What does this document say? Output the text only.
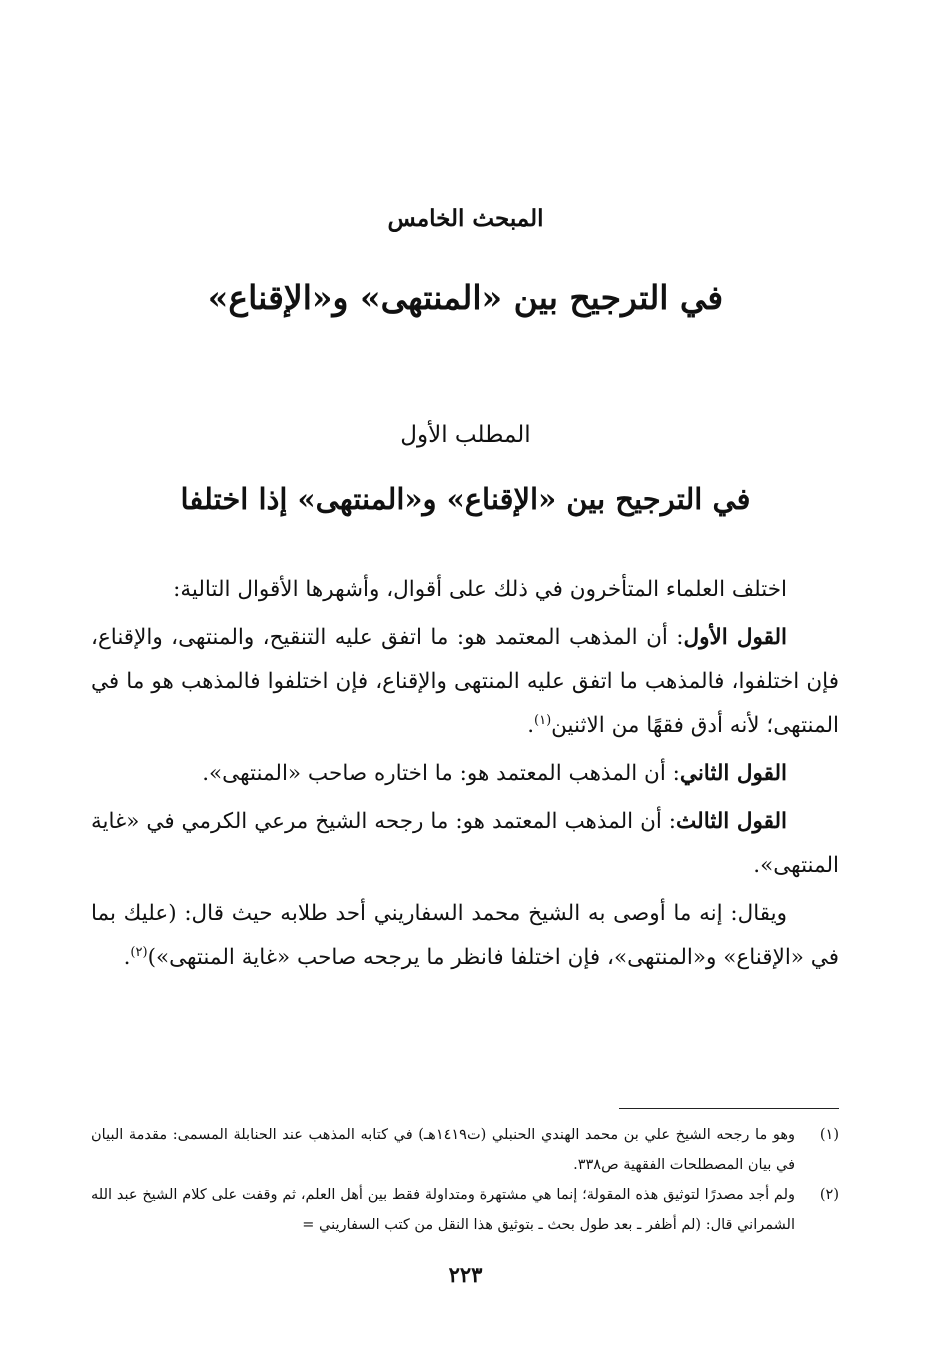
المبحث الخامس
في الترجيح بين «المنتهى» و«الإقناع»
المطلب الأول
في الترجيح بين «الإقناع» و«المنتهى» إذا اختلفا

اختلف العلماء المتأخرون في ذلك على أقوال، وأشهرها الأقوال التالية:

القول الأول: أن المذهب المعتمد هو: ما اتفق عليه التنقيح، والمنتهى، والإقناع، فإن اختلفوا، فالمذهب ما اتفق عليه المنتهى والإقناع، فإن اختلفوا فالمذهب هو ما في المنتهى؛ لأنه أدق فقهًا من الاثنين$^{(١)}$.

القول الثاني: أن المذهب المعتمد هو: ما اختاره صاحب «المنتهى».

القول الثالث: أن المذهب المعتمد هو: ما رجحه الشيخ مرعي الكرمي في «غاية المنتهى».

ويقال: إنه ما أوصى به الشيخ محمد السفاريني أحد طلابه حيث قال: (عليك بما في «الإقناع» و«المنتهى»، فإن اختلفا فانظر ما يرجحه صاحب «غاية المنتهى»)$^{(٢)}$.

(١)
وهو ما رجحه الشيخ علي بن محمد الهندي الحنبلي (ت١٤١٩هـ) في كتابه المذهب عند الحنابلة المسمى: مقدمة البيان في بيان المصطلحات الفقهية ص٣٣٨.

(٢)
ولم أجد مصدرًا لتوثيق هذه المقولة؛ إنما هي مشتهرة ومتداولة فقط بين أهل العلم، ثم وقفت على كلام الشيخ عبد الله الشمراني قال: (لم أظفر ـ بعد طول بحث ـ بتوثيق هذا النقل من كتب السفاريني =

٢٢٣
